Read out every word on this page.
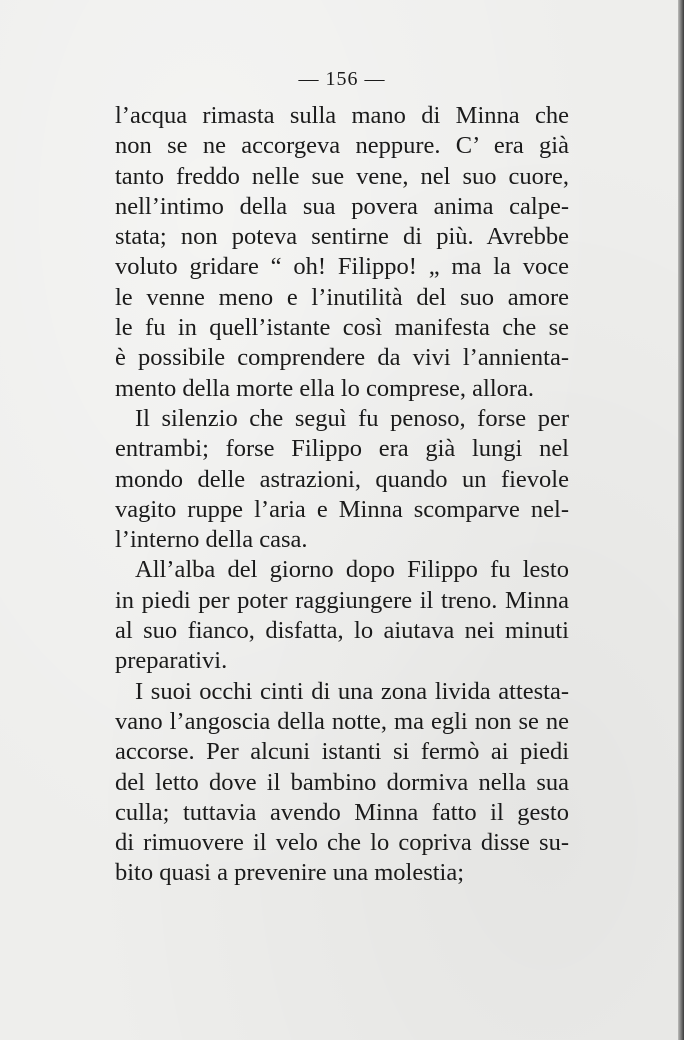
— 156 —
l’acqua rimasta sulla mano di Minna che
non se ne accorgeva neppure. C’ era già
tanto freddo nelle sue vene, nel suo cuore,
nell’intimo della sua povera anima calpe-
stata; non poteva sentirne di più. Avrebbe
voluto gridare “ oh! Filippo! „ ma la voce
le venne meno e l’inutilità del suo amore
le fu in quell’istante così manifesta che se
è possibile comprendere da vivi l’annienta-
mento della morte ella lo comprese, allora.
Il silenzio che seguì fu penoso, forse per
entrambi; forse Filippo era già lungi nel
mondo delle astrazioni, quando un fievole
vagito ruppe l’aria e Minna scomparve nel-
l’interno della casa.
All’alba del giorno dopo Filippo fu lesto
in piedi per poter raggiungere il treno. Minna
al suo fianco, disfatta, lo aiutava nei minuti
preparativi.
I suoi occhi cinti di una zona livida attesta-
vano l’angoscia della notte, ma egli non se ne
accorse. Per alcuni istanti si fermò ai piedi
del letto dove il bambino dormiva nella sua
culla; tuttavia avendo Minna fatto il gesto
di rimuovere il velo che lo copriva disse su-
bito quasi a prevenire una molestia;
